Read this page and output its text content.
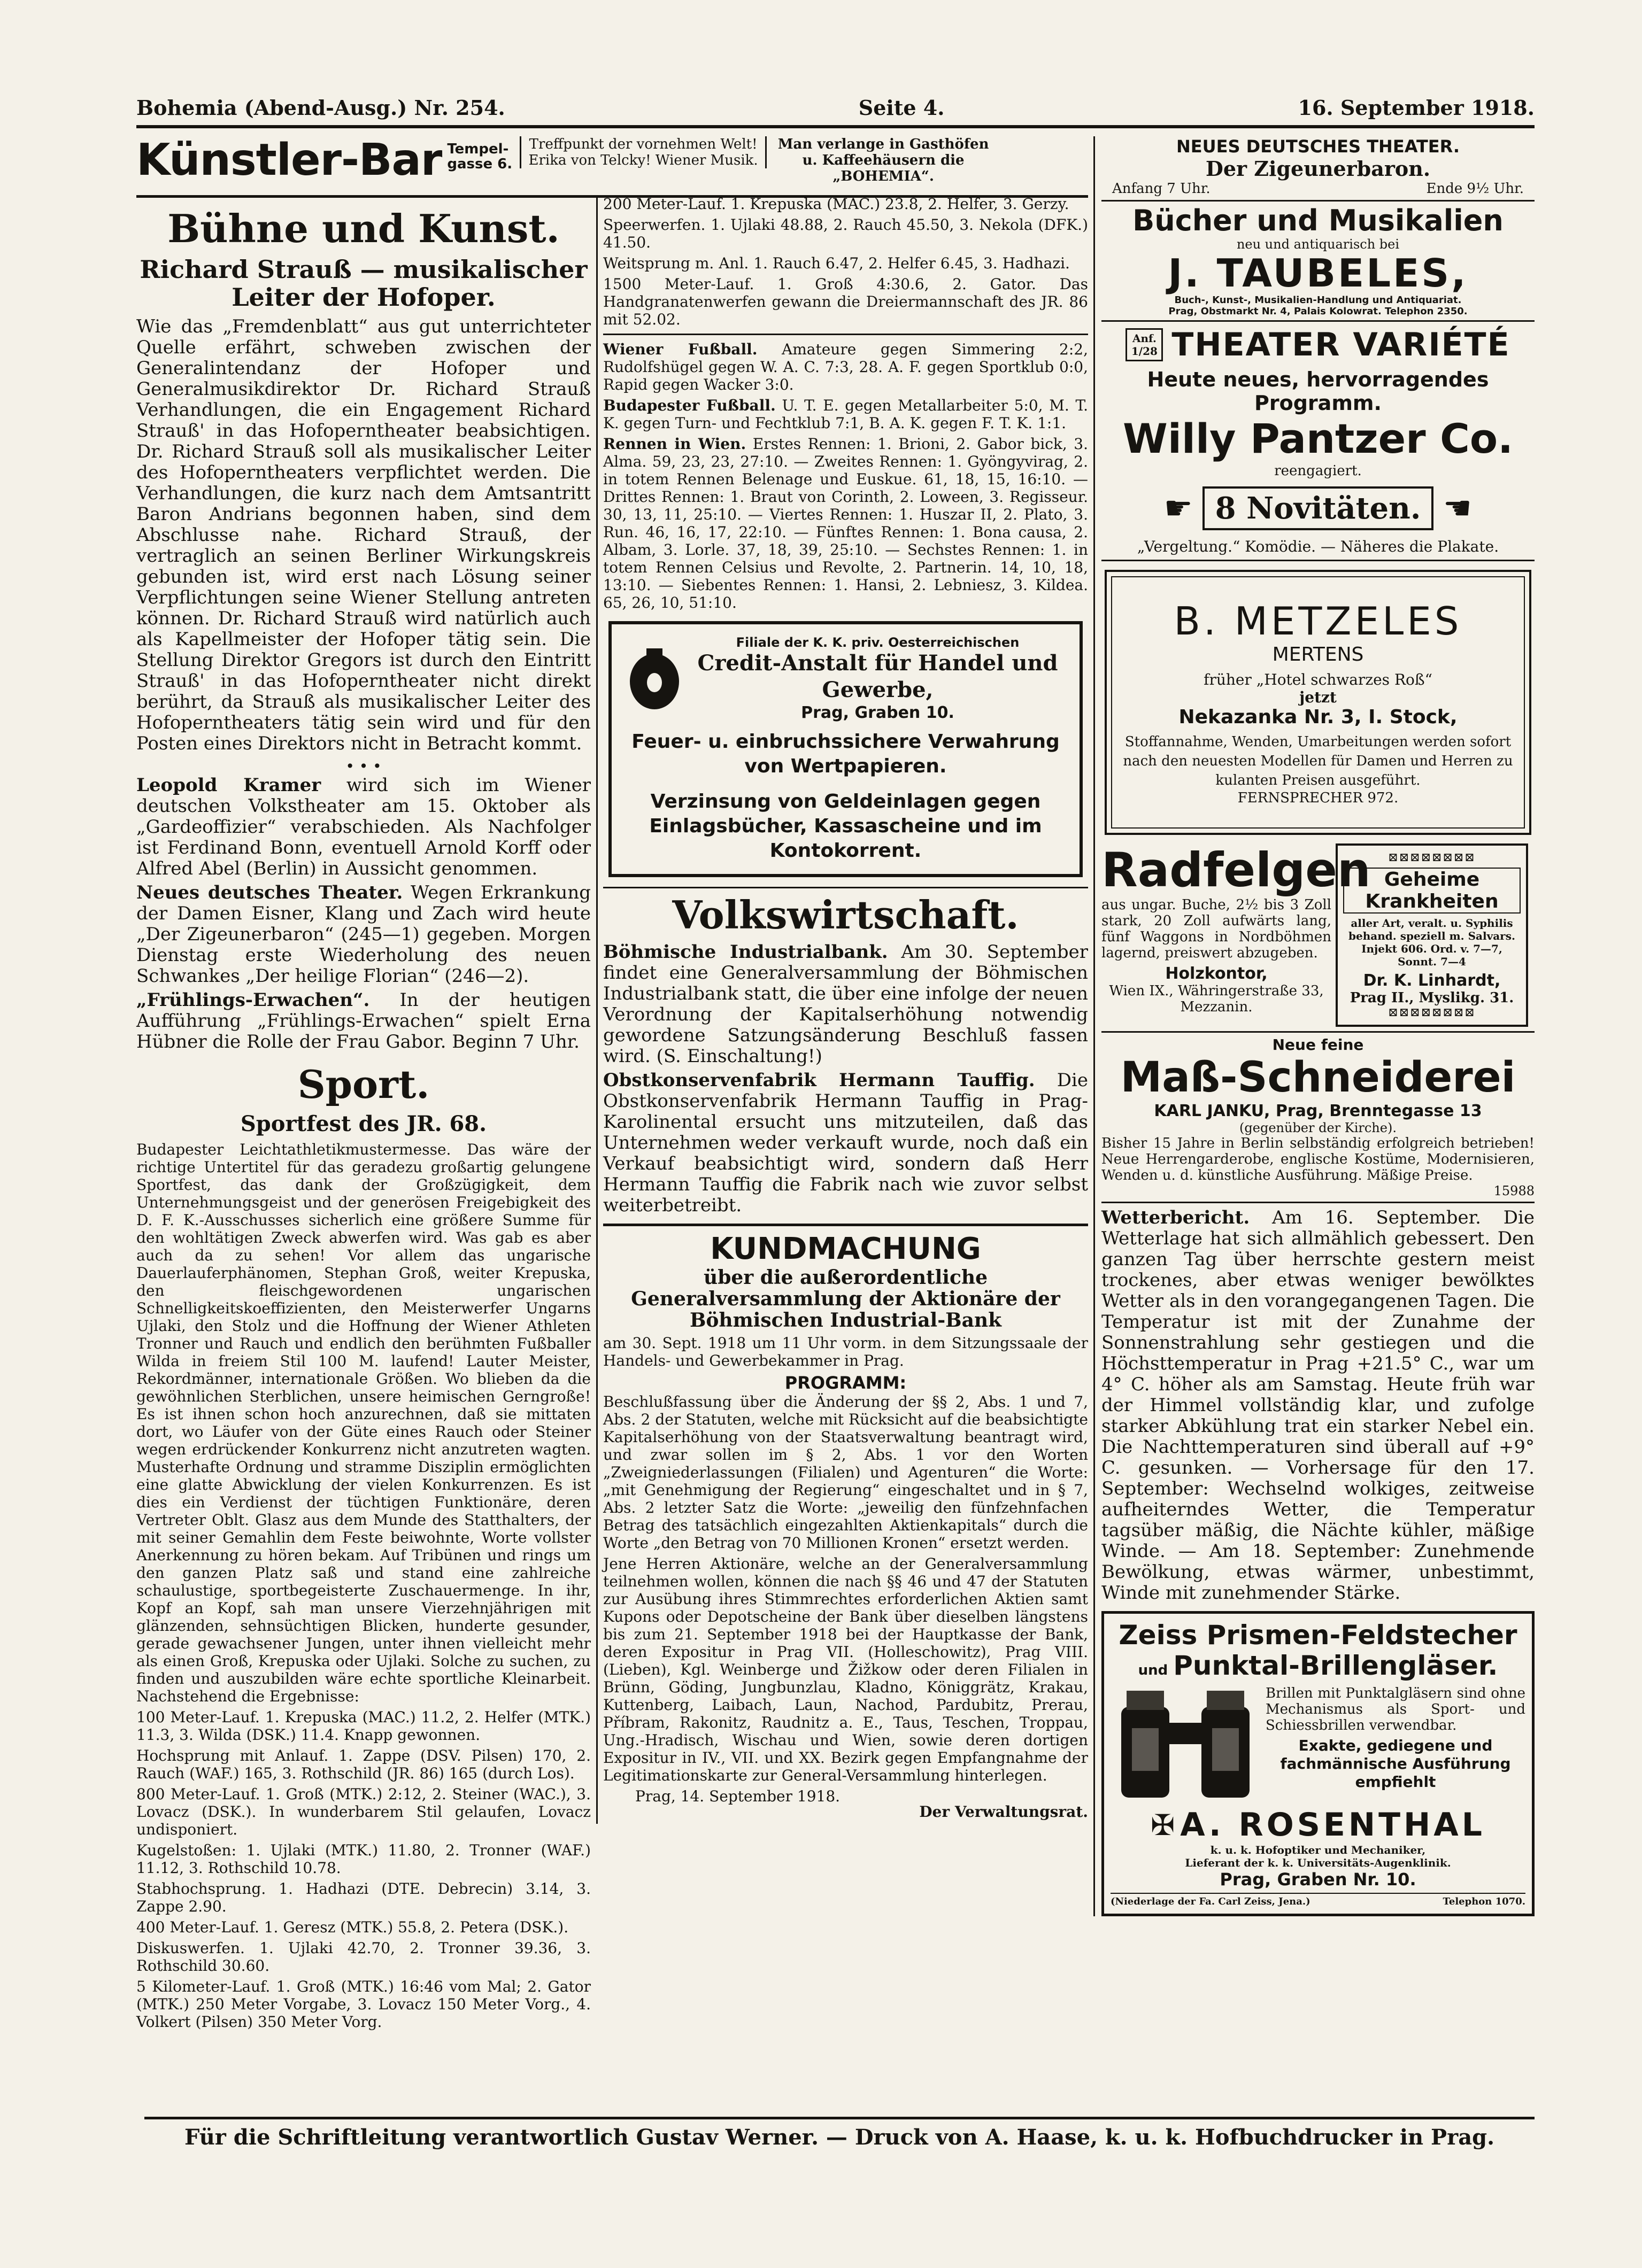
Bohemia (Abend-Ausg.) Nr. 254.	Seite 4.	16. September 1918.
Künstler-Bar Tempel-
gasse 6.
Treffpunkt der vornehmen Welt! Erika von Telcky! Wiener Musik.
Man verlange in Gasthöfen u. Kaffeehäusern die „BOHEMIA“.
Bühne und Kunst.
Richard Strauß — musikalischer Leiter der Hofoper.

Wie das „Fremdenblatt“ aus gut unterrichteter Quelle erfährt, schweben zwischen der Generalintendanz der Hofoper und Generalmusikdirektor Dr. Richard Strauß Verhandlungen, die ein Engagement Richard Strauß' in das Hofoperntheater beabsichtigen. Dr. Richard Strauß soll als musikalischer Leiter des Hofoperntheaters verpflichtet werden. Die Verhandlungen, die kurz nach dem Amtsantritt Baron Andrians begonnen haben, sind dem Abschlusse nahe. Richard Strauß, der vertraglich an seinen Berliner Wirkungskreis gebunden ist, wird erst nach Lösung seiner Verpflichtungen seine Wiener Stellung antreten können. Dr. Richard Strauß wird natürlich auch als Kapellmeister der Hofoper tätig sein. Die Stellung Direktor Gregors ist durch den Eintritt Strauß' in das Hofoperntheater nicht direkt berührt, da Strauß als musikalischer Leiter des Hofoperntheaters tätig sein wird und für den Posten eines Direktors nicht in Betracht kommt.

• • •

Leopold Kramer wird sich im Wiener deutschen Volkstheater am 15. Oktober als „Gardeoffizier“ verabschieden. Als Nachfolger ist Ferdinand Bonn, eventuell Arnold Korff oder Alfred Abel (Berlin) in Aussicht genommen.

Neues deutsches Theater. Wegen Erkrankung der Damen Eisner, Klang und Zach wird heute „Der Zigeunerbaron“ (245—1) gegeben. Morgen Dienstag erste Wiederholung des neuen Schwankes „Der heilige Florian“ (246—2).

„Frühlings-Erwachen“. In der heutigen Aufführung „Frühlings-Erwachen“ spielt Erna Hübner die Rolle der Frau Gabor. Beginn 7 Uhr.

Sport.
Sportfest des JR. 68.

Budapester Leichtathletikmustermesse. Das wäre der richtige Untertitel für das geradezu großartig gelungene Sportfest, das dank der Großzügigkeit, dem Unternehmungsgeist und der generösen Freigebigkeit des D. F. K.-Ausschusses sicherlich eine größere Summe für den wohltätigen Zweck abwerfen wird. Was gab es aber auch da zu sehen! Vor allem das ungarische Dauerlauferphänomen, Stephan Groß, weiter Krepuska, den fleischgewordenen ungarischen Schnelligkeitskoeffizienten, den Meisterwerfer Ungarns Ujlaki, den Stolz und die Hoffnung der Wiener Athleten Tronner und Rauch und endlich den berühmten Fußballer Wilda in freiem Stil 100 M. laufend! Lauter Meister, Rekordmänner, internationale Größen. Wo blieben da die gewöhnlichen Sterblichen, unsere heimischen Gerngroße! Es ist ihnen schon hoch anzurechnen, daß sie mittaten dort, wo Läufer von der Güte eines Rauch oder Steiner wegen erdrückender Konkurrenz nicht anzutreten wagten. Musterhafte Ordnung und stramme Disziplin ermöglichten eine glatte Abwicklung der vielen Konkurrenzen. Es ist dies ein Verdienst der tüchtigen Funktionäre, deren Vertreter Oblt. Glasz aus dem Munde des Statthalters, der mit seiner Gemahlin dem Feste beiwohnte, Worte vollster Anerkennung zu hören bekam. Auf Tribünen und rings um den ganzen Platz saß und stand eine zahlreiche schaulustige, sportbegeisterte Zuschauermenge. In ihr, Kopf an Kopf, sah man unsere Vierzehnjährigen mit glänzenden, sehnsüchtigen Blicken, hunderte gesunder, gerade gewachsener Jungen, unter ihnen vielleicht mehr als einen Groß, Krepuska oder Ujlaki. Solche zu suchen, zu finden und auszubilden wäre echte sportliche Kleinarbeit. Nachstehend die Ergebnisse:

100 Meter-Lauf. 1. Krepuska (MAC.) 11.2, 2. Helfer (MTK.) 11.3, 3. Wilda (DSK.) 11.4. Knapp gewonnen.

Hochsprung mit Anlauf. 1. Zappe (DSV. Pilsen) 170, 2. Rauch (WAF.) 165, 3. Rothschild (JR. 86) 165 (durch Los).

800 Meter-Lauf. 1. Groß (MTK.) 2:12, 2. Steiner (WAC.), 3. Lovacz (DSK.). In wunderbarem Stil gelaufen, Lovacz undisponiert.

Kugelstoßen: 1. Ujlaki (MTK.) 11.80, 2. Tronner (WAF.) 11.12, 3. Rothschild 10.78.

Stabhochsprung. 1. Hadhazi (DTE. Debrecin) 3.14, 3. Zappe 2.90.

400 Meter-Lauf. 1. Geresz (MTK.) 55.8, 2. Petera (DSK.).

Diskuswerfen. 1. Ujlaki 42.70, 2. Tronner 39.36, 3. Rothschild 30.60.

5 Kilometer-Lauf. 1. Groß (MTK.) 16:46 vom Mal; 2. Gator (MTK.) 250 Meter Vorgabe, 3. Lovacz 150 Meter Vorg., 4. Volkert (Pilsen) 350 Meter Vorg.

200 Meter-Lauf. 1. Krepuska (MAC.) 23.8, 2. Helfer, 3. Gerzy.

Speerwerfen. 1. Ujlaki 48.88, 2. Rauch 45.50, 3. Nekola (DFK.) 41.50.

Weitsprung m. Anl. 1. Rauch 6.47, 2. Helfer 6.45, 3. Hadhazi.

1500 Meter-Lauf. 1. Groß 4:30.6, 2. Gator. Das Handgranatenwerfen gewann die Dreiermannschaft des JR. 86 mit 52.02.

Wiener Fußball. Amateure gegen Simmering 2:2, Rudolfshügel gegen W. A. C. 7:3, 28. A. F. gegen Sportklub 0:0, Rapid gegen Wacker 3:0.

Budapester Fußball. U. T. E. gegen Metallarbeiter 5:0, M. T. K. gegen Turn- und Fechtklub 7:1, B. A. K. gegen F. T. K. 1:1.

Rennen in Wien. Erstes Rennen: 1. Brioni, 2. Gabor bick, 3. Alma. 59, 23, 23, 27:10. — Zweites Rennen: 1. Gyöngyvirag, 2. in totem Rennen Belenage und Euskue. 61, 18, 15, 16:10. — Drittes Rennen: 1. Braut von Corinth, 2. Loween, 3. Regisseur. 30, 13, 11, 25:10. — Viertes Rennen: 1. Huszar II, 2. Plato, 3. Run. 46, 16, 17, 22:10. — Fünftes Rennen: 1. Bona causa, 2. Albam, 3. Lorle. 37, 18, 39, 25:10. — Sechstes Rennen: 1. in totem Rennen Celsius und Revolte, 2. Partnerin. 14, 10, 18, 13:10. — Siebentes Rennen: 1. Hansi, 2. Lebniesz, 3. Kildea. 65, 26, 10, 51:10.

Filiale der K. K. priv. Oesterreichischen
Credit-Anstalt für Handel und Gewerbe,
Prag, Graben 10.
Feuer- u. einbruchssichere Verwahrung von Wertpapieren.
Verzinsung von Geldeinlagen gegen Einlagsbücher, Kassascheine und im Kontokorrent.
Volkswirtschaft.

Böhmische Industrialbank. Am 30. September findet eine Generalversammlung der Böhmischen Industrialbank statt, die über eine infolge der neuen Verordnung der Kapitalserhöhung notwendig gewordene Satzungsänderung Beschluß fassen wird. (S. Einschaltung!)

Obstkonservenfabrik Hermann Tauffig. Die Obstkonservenfabrik Hermann Tauffig in Prag-Karolinental ersucht uns mitzuteilen, daß das Unternehmen weder verkauft wurde, noch daß ein Verkauf beabsichtigt wird, sondern daß Herr Hermann Tauffig die Fabrik nach wie zuvor selbst weiterbetreibt.

KUNDMACHUNG
über die außerordentliche Generalversammlung der Aktionäre der Böhmischen Industrial-Bank

am 30. Sept. 1918 um 11 Uhr vorm. in dem Sitzungssaale der Handels- und Gewerbekammer in Prag.

PROGRAMM:

Beschlußfassung über die Änderung der §§ 2, Abs. 1 und 7, Abs. 2 der Statuten, welche mit Rücksicht auf die beabsichtigte Kapitalserhöhung von der Staatsverwaltung beantragt wird, und zwar sollen im § 2, Abs. 1 vor den Worten „Zweigniederlassungen (Filialen) und Agenturen“ die Worte: „mit Genehmigung der Regierung“ eingeschaltet und in § 7, Abs. 2 letzter Satz die Worte: „jeweilig den fünfzehnfachen Betrag des tatsächlich eingezahlten Aktienkapitals“ durch die Worte „den Betrag von 70 Millionen Kronen“ ersetzt werden.

Jene Herren Aktionäre, welche an der Generalversammlung teilnehmen wollen, können die nach §§ 46 und 47 der Statuten zur Ausübung ihres Stimmrechtes erforderlichen Aktien samt Kupons oder Depotscheine der Bank über dieselben längstens bis zum 21. September 1918 bei der Hauptkasse der Bank, deren Expositur in Prag VII. (Holleschowitz), Prag VIII. (Lieben), Kgl. Weinberge und Žižkow oder deren Filialen in Brünn, Göding, Jungbunzlau, Kladno, Königgrätz, Krakau, Kuttenberg, Laibach, Laun, Nachod, Pardubitz, Prerau, Příbram, Rakonitz, Raudnitz a. E., Taus, Teschen, Troppau, Ung.-Hradisch, Wischau und Wien, sowie deren dortigen Expositur in IV., VII. und XX. Bezirk gegen Empfangnahme der Legitimationskarte zur General-Versammlung hinterlegen.

Prag, 14. September 1918.

Der Verwaltungsrat.

NEUES DEUTSCHES THEATER.
Der Zigeunerbaron.
Anfang 7 Uhr.	Ende 9½ Uhr.
Bücher und Musikalien
neu und antiquarisch bei
J. TAUBELES,
Buch-, Kunst-, Musikalien-Handlung und Antiquariat.
Prag, Obstmarkt Nr. 4, Palais Kolowrat. Telephon 2350.
Anf. 1/28 THEATER VARIÉTÉ
Heute neues, hervorragendes Programm.
Willy Pantzer Co.
reengagiert.
☛ 8 Novitäten. ☛
„Vergeltung.“ Komödie. — Näheres die Plakate.
B. METZELES
MERTENS
früher „Hotel schwarzes Roß“
jetzt
Nekazanka Nr. 3, I. Stock,
Stoffannahme, Wenden, Umarbeitungen werden sofort nach den neuesten Modellen für Damen und Herren zu kulanten Preisen ausgeführt.
FERNSPRECHER 972.
Radfelgen

aus ungar. Buche, 2½ bis 3 Zoll stark, 20 Zoll aufwärts lang, fünf Waggons in Nordböhmen lagernd, preiswert abzugeben.

Holzkontor,
Wien IX., Währingerstraße 33, Mezzanin.
⊠⊠⊠⊠⊠⊠⊠⊠
Geheime Krankheiten
aller Art, veralt. u. Syphilis behand. speziell m. Salvars. Injekt 606. Ord. v. 7—7, Sonnt. 7—4
Dr. K. Linhardt,
Prag II., Myslikg. 31.
⊠⊠⊠⊠⊠⊠⊠⊠
Neue feine
Maß-Schneiderei
KARL JANKU, Prag, Brenntegasse 13
(gegenüber der Kirche).

Bisher 15 Jahre in Berlin selbständig erfolgreich betrieben! Neue Herrengarderobe, englische Kostüme, Modernisieren, Wenden u. d. künstliche Ausführung. Mäßige Preise.

15988

Wetterbericht. Am 16. September. Die Wetterlage hat sich allmählich gebessert. Den ganzen Tag über herrschte gestern meist trockenes, aber etwas weniger bewölktes Wetter als in den vorangegangenen Tagen. Die Temperatur ist mit der Zunahme der Sonnenstrahlung sehr gestiegen und die Höchsttemperatur in Prag +21.5° C., war um 4° C. höher als am Samstag. Heute früh war der Himmel vollständig klar, und zufolge starker Abkühlung trat ein starker Nebel ein. Die Nachttemperaturen sind überall auf +9° C. gesunken. — Vorhersage für den 17. September: Wechselnd wolkiges, zeitweise aufheiterndes Wetter, die Temperatur tagsüber mäßig, die Nächte kühler, mäßige Winde. — Am 18. September: Zunehmende Bewölkung, etwas wärmer, unbestimmt, Winde mit zunehmender Stärke.

Zeiss Prismen-Feldstecher
und Punktal-Brillengläser.

Brillen mit Punktalgläsern sind ohne Mechanismus als Sport- und Schiessbrillen verwendbar.

Exakte, gediegene und fachmännische Ausführung empfiehlt

✠ A. ROSENTHAL
k. u. k. Hofoptiker und Mechaniker,
Lieferant der k. k. Universitäts-Augenklinik.
Prag, Graben Nr. 10.
(Niederlage der Fa. Carl Zeiss, Jena.)	Telephon 1070.
Für die Schriftleitung verantwortlich Gustav Werner. — Druck von A. Haase, k. u. k. Hofbuchdrucker in Prag.
